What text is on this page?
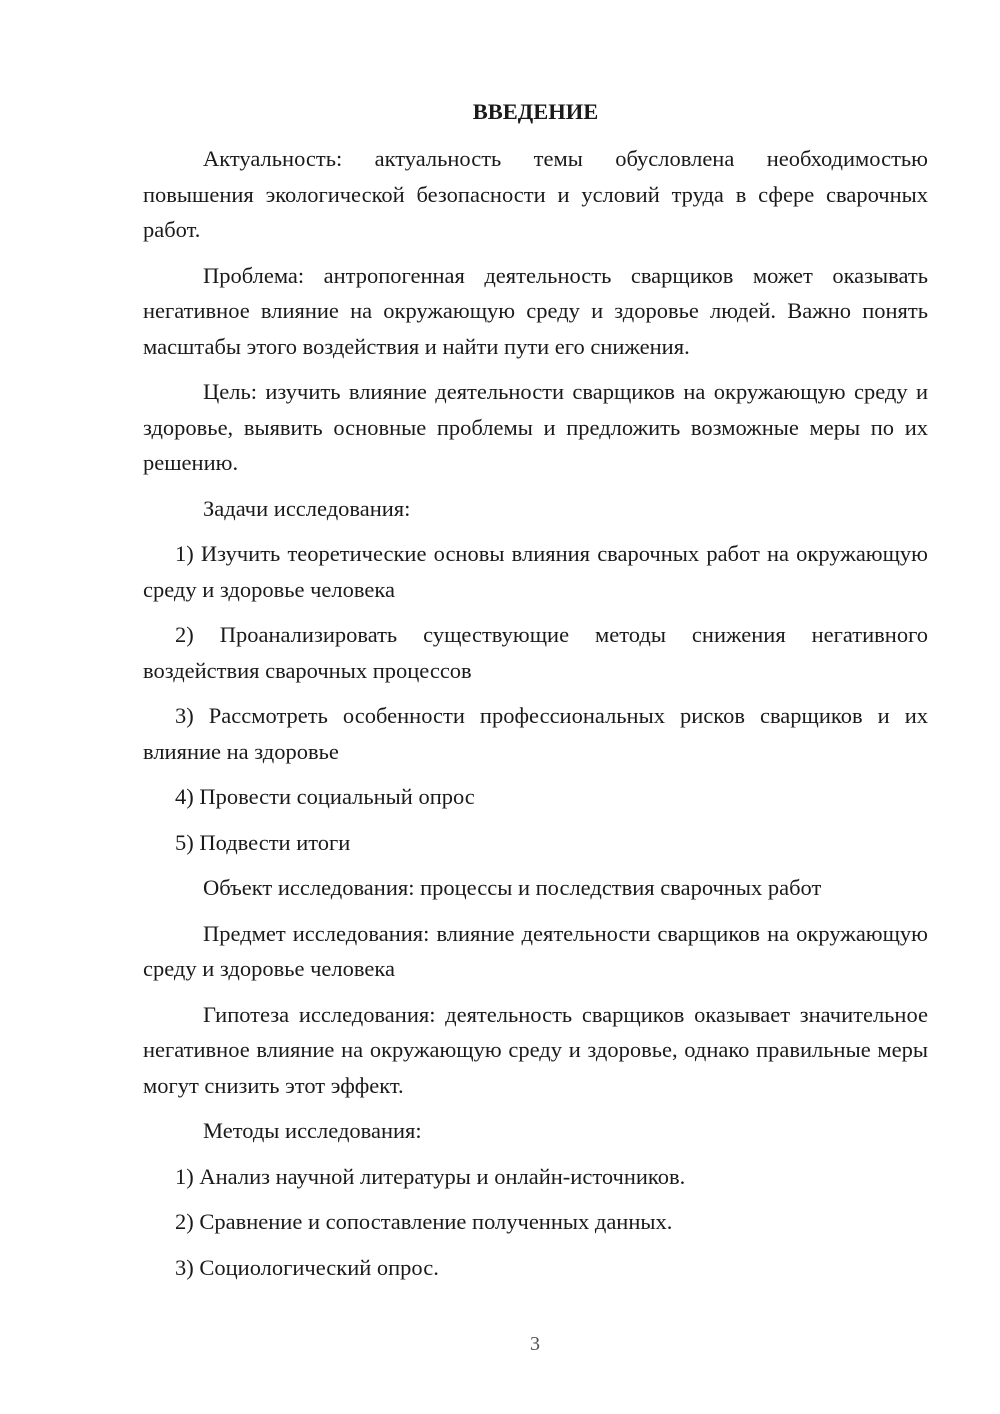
ВВЕДЕНИЕ

Актуальность: актуальность темы обусловлена необходимостью повышения экологической безопасности и условий труда в сфере сварочных работ.

Проблема: антропогенная деятельность сварщиков может оказывать негативное влияние на окружающую среду и здоровье людей. Важно понять масштабы этого воздействия и найти пути его снижения.

Цель: изучить влияние деятельности сварщиков на окружающую среду и здоровье, выявить основные проблемы и предложить возможные меры по их решению.

Задачи исследования:

1) Изучить теоретические основы влияния сварочных работ на окружающую среду и здоровье человека

2) Проанализировать существующие методы снижения негативного воздействия сварочных процессов

3) Рассмотреть особенности профессиональных рисков сварщиков и их влияние на здоровье

4) Провести социальный опрос

5) Подвести итоги

Объект исследования: процессы и последствия сварочных работ

Предмет исследования: влияние деятельности сварщиков на окружающую среду и здоровье человека

Гипотеза исследования: деятельность сварщиков оказывает значительное негативное влияние на окружающую среду и здоровье, однако правильные меры могут снизить этот эффект.

Методы исследования:

1) Анализ научной литературы и онлайн-источников.

2) Сравнение и сопоставление полученных данных.

3) Социологический опрос.

3
